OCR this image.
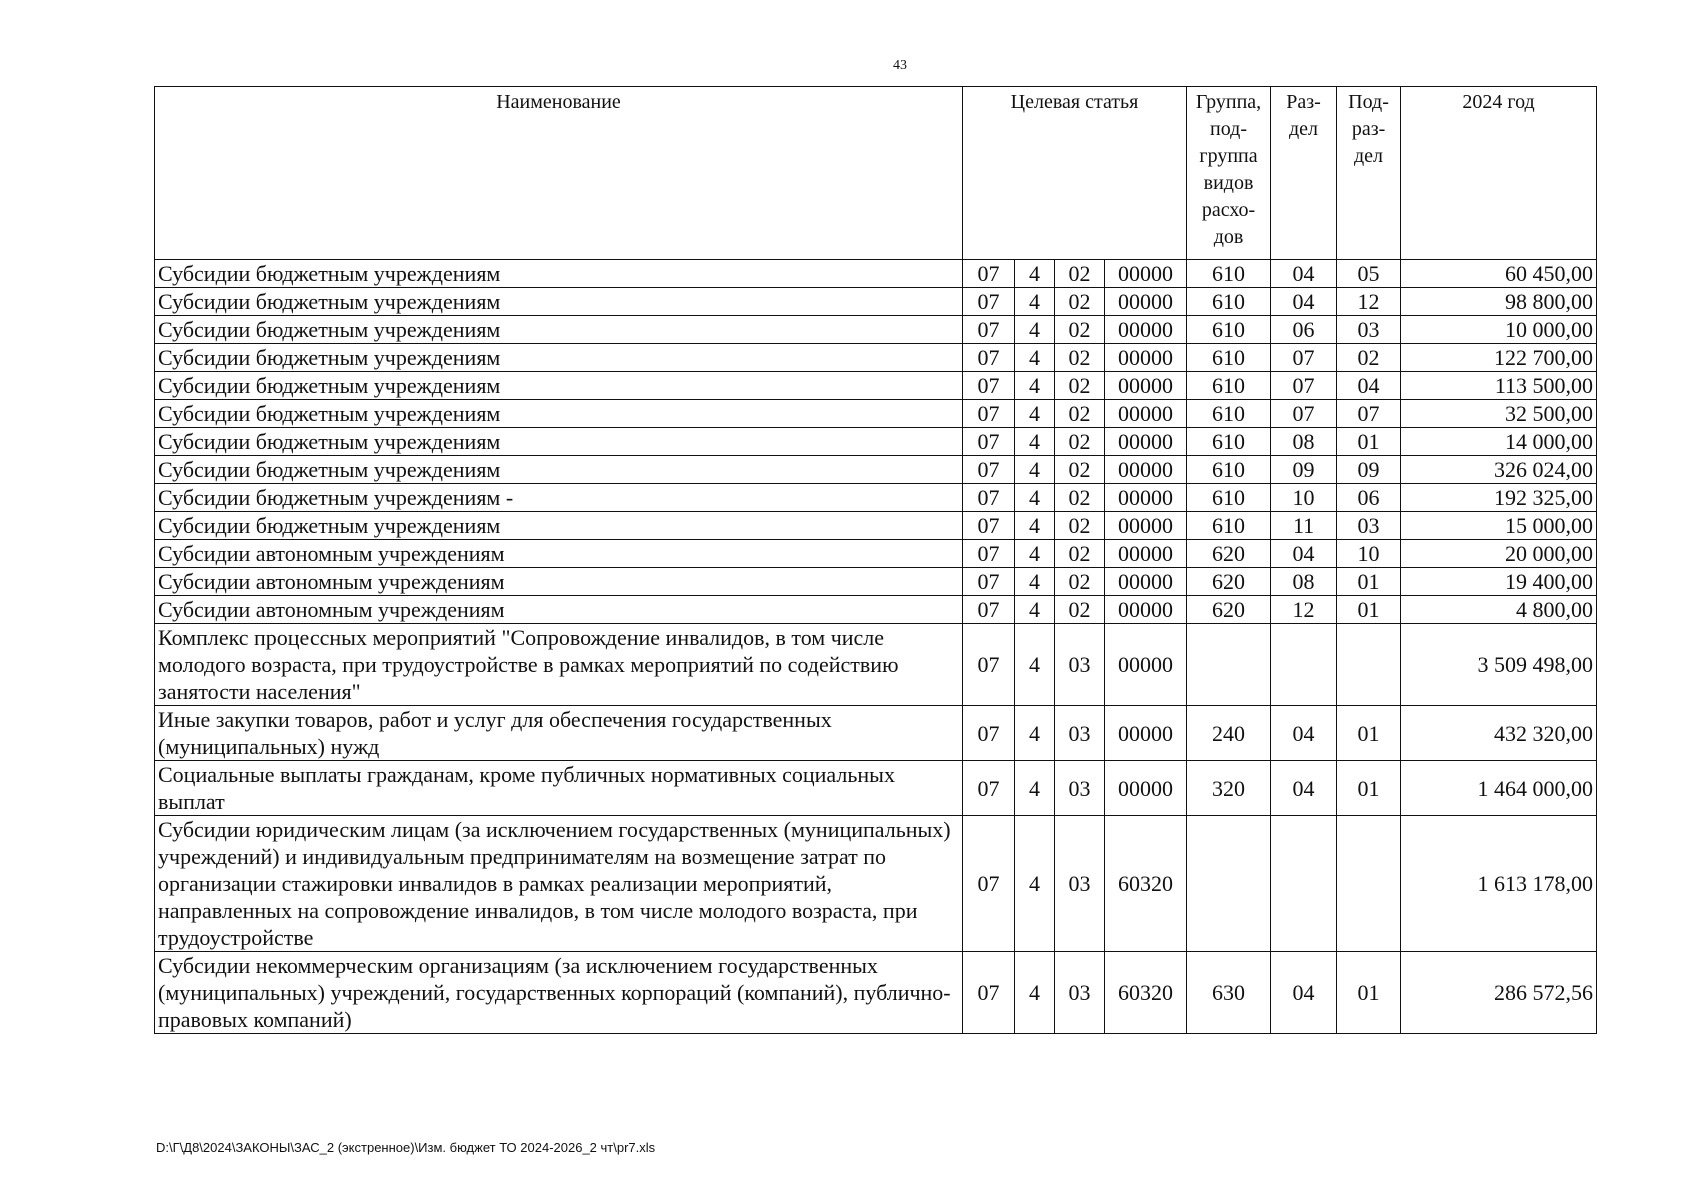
43
Наименование	Целевая статья				Группа, под-группа видов расхо-дов	Раз-дел	Под-раз-дел	2024 год
Субсидии бюджетным учреждениям	07	4	02	00000	610	04	05	60 450,00
Субсидии бюджетным учреждениям	07	4	02	00000	610	04	12	98 800,00
Субсидии бюджетным учреждениям	07	4	02	00000	610	06	03	10 000,00
Субсидии бюджетным учреждениям	07	4	02	00000	610	07	02	122 700,00
Субсидии бюджетным учреждениям	07	4	02	00000	610	07	04	113 500,00
Субсидии бюджетным учреждениям	07	4	02	00000	610	07	07	32 500,00
Субсидии бюджетным учреждениям	07	4	02	00000	610	08	01	14 000,00
Субсидии бюджетным учреждениям	07	4	02	00000	610	09	09	326 024,00
Субсидии бюджетным учреждениям -	07	4	02	00000	610	10	06	192 325,00
Субсидии бюджетным учреждениям	07	4	02	00000	610	11	03	15 000,00
Субсидии автономным учреждениям	07	4	02	00000	620	04	10	20 000,00
Субсидии автономным учреждениям	07	4	02	00000	620	08	01	19 400,00
Субсидии автономным учреждениям	07	4	02	00000	620	12	01	4 800,00
Комплекс процессных мероприятий "Сопровождение инвалидов, в том числе молодого возраста, при трудоустройстве в рамках мероприятий по содействию занятости населения"	07	4	03	00000				3 509 498,00
Иные закупки товаров, работ и услуг для обеспечения государственных (муниципальных) нужд	07	4	03	00000	240	04	01	432 320,00
Социальные выплаты гражданам, кроме публичных нормативных социальных выплат	07	4	03	00000	320	04	01	1 464 000,00
Субсидии юридическим лицам (за исключением государственных (муниципальных) учреждений) и индивидуальным предпринимателям на возмещение затрат по организации стажировки инвалидов в рамках реализации мероприятий, направленных на сопровождение инвалидов, в том числе молодого возраста, при трудоустройстве	07	4	03	60320				1 613 178,00
Субсидии некоммерческим организациям (за исключением государственных (муниципальных) учреждений, государственных корпораций (компаний), публично-правовых компаний)	07	4	03	60320	630	04	01	286 572,56
D:\Г\Д8\2024\ЗАКОНЫ\ЗАС_2 (экстренное)\Изм. бюджет ТО 2024-2026_2 чт\pr7.xls
